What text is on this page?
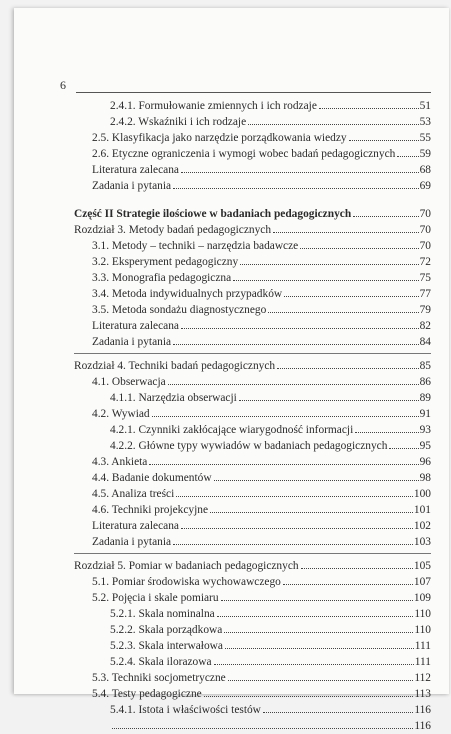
6
2.4.1. Formułowanie zmiennych i ich rodzaje	51
2.4.2. Wskaźniki i ich rodzaje	53
2.5. Klasyfikacja jako narzędzie porządkowania wiedzy	55
2.6. Etyczne ograniczenia i wymogi wobec badań pedagogicznych 59
Literatura zalecana	68
Zadania i pytania	69
Część II Strategie ilościowe w badaniach pedagogicznych	70
Rozdział 3. Metody badań pedagogicznych	70
3.1. Metody – techniki – narzędzia badawcze	70
3.2. Eksperyment pedagogiczny	72
3.3. Monografia pedagogiczna	75
3.4. Metoda indywidualnych przypadków	77
3.5. Metoda sondażu diagnostycznego	79
Literatura zalecana	82
Zadania i pytania	84
Rozdział 4. Techniki badań pedagogicznych	85
4.1. Obserwacja	86
4.1.1. Narzędzia obserwacji	89
4.2. Wywiad	91
4.2.1. Czynniki zakłócające wiarygodność informacji	93
4.2.2. Główne typy wywiadów w badaniach pedagogicznych	95
4.3. Ankieta	96
4.4. Badanie dokumentów	98
4.5. Analiza treści	100
4.6. Techniki projekcyjne	101
Literatura zalecana	102
Zadania i pytania	103
Rozdział 5. Pomiar w badaniach pedagogicznych	105
5.1. Pomiar środowiska wychowawczego	107
5.2. Pojęcia i skale pomiaru	109
5.2.1. Skala nominalna	110
5.2.2. Skala porządkowa	110
5.2.3. Skala interwałowa	111
5.2.4. Skala ilorazowa	111
5.3. Techniki socjometryczne	112
5.4. Testy pedagogiczne	113
5.4.1. Istota i właściwości testów	116
116
